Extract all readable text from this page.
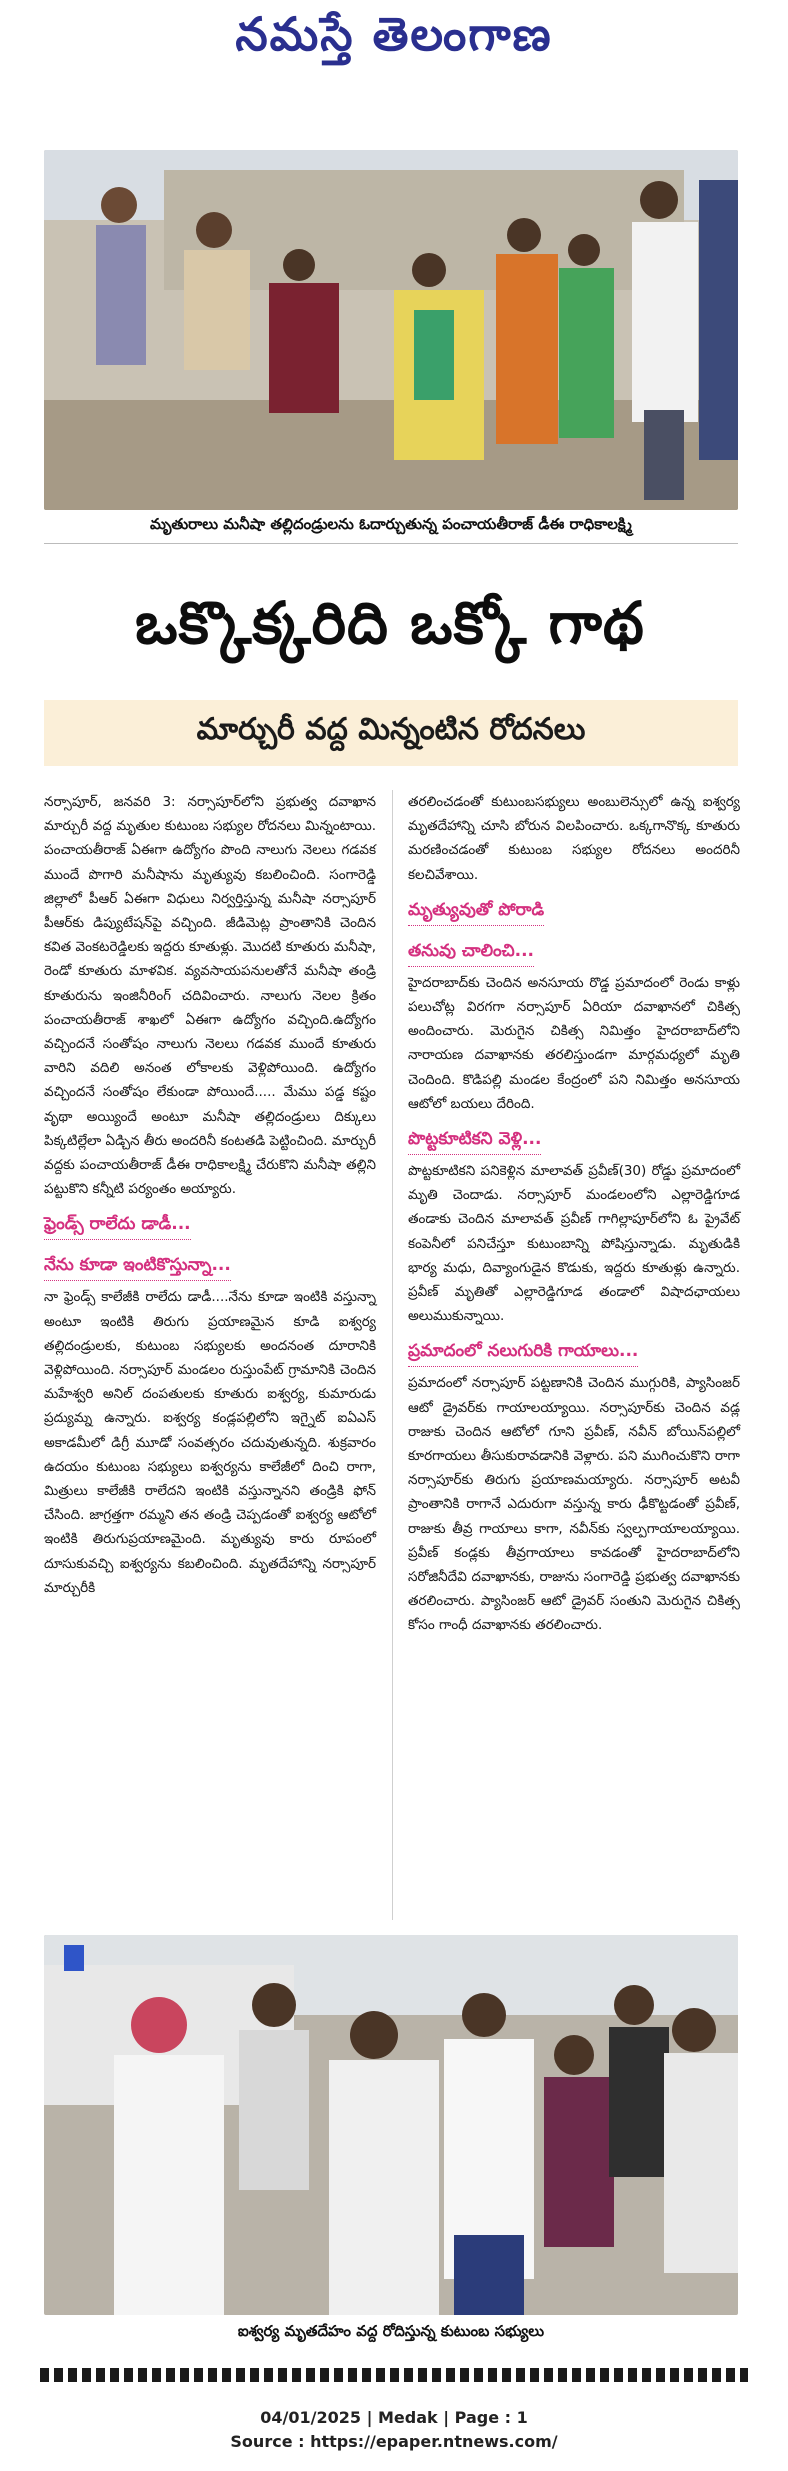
నమస్తే తెలంగాణ
మృతురాలు మనీషా తల్లిదండ్రులను ఓదార్చుతున్న పంచాయతీరాజ్ డీఈ రాధికాలక్ష్మి
ఒక్కొక్కరిది ఒక్కో గాథ
మార్చురీ వద్ద మిన్నంటిన రోదనలు

నర్సాపూర్, జనవరి 3: నర్సాపూర్‌లోని ప్రభుత్వ దవాఖాన మార్చురీ వద్ద మృతుల కుటుంబ సభ్యుల రోదనలు మిన్నంటాయి. పంచాయతీరాజ్ ఏఈగా ఉద్యోగం పొంది నాలుగు నెలలు గడవక ముందే పొగారి మనీషాను మృత్యువు కబలించింది. సంగారెడ్డి జిల్లాలో పీఆర్ ఏఈగా విధులు నిర్వర్తిస్తున్న మనీషా నర్సాపూర్ పీఆర్‌కు డిప్యుటేషన్‌పై వచ్చింది. జీడిమెట్ల ప్రాంతానికి చెందిన కవిత వెంకటరెడ్డిలకు ఇద్దరు కూతుళ్లు. మొదటి కూతురు మనీషా, రెండో కూతురు మాళవిక. వ్యవసాయపనులతోనే మనీషా తండ్రి కూతురును ఇంజినీరింగ్ చదివించారు. నాలుగు నెలల క్రితం పంచాయతీరాజ్ శాఖలో ఏఈగా ఉద్యోగం వచ్చింది.ఉద్యోగం వచ్చిందనే సంతోషం నాలుగు నెలలు గడవక ముందే కూతురు వారిని వదిలి అనంత లోకాలకు వెళ్లిపోయింది. ఉద్యోగం వచ్చిందనే సంతోషం లేకుండా పోయిందే..... మేము పడ్డ కష్టం వృథా అయ్యిందే అంటూ మనీషా తల్లిదండ్రులు దిక్కులు పిక్కటిల్లేలా ఏడ్చిన తీరు అందరినీ కంటతడి పెట్టించింది. మార్చురీ వద్దకు పంచాయతీరాజ్ డీఈ రాధికాలక్ష్మి చేరుకొని మనీషా తల్లిని పట్టుకొని కన్నీటి పర్యంతం అయ్యారు.

ఫ్రెండ్స్ రాలేదు డాడీ...
నేను కూడా ఇంటికొస్తున్నా...

నా ఫ్రెండ్స్ కాలేజీకి రాలేదు డాడీ....నేను కూడా ఇంటికి వస్తున్నా అంటూ ఇంటికి తిరుగు ప్రయాణమైన కూడి ఐశ్వర్య తల్లిదండ్రులకు, కుటుంబ సభ్యులకు అందనంత దూరానికి వెళ్లిపోయింది. నర్సాపూర్ మండలం రుస్తుంపేట్ గ్రామానికి చెందిన మహేశ్వరి అనిల్ దంపతులకు కూతురు ఐశ్వర్య, కుమారుడు ప్రద్యుమ్న ఉన్నారు. ఐశ్వర్య కండ్లపల్లిలోని ఇగ్నైట్ ఐఏఎస్ అకాడమీలో డిగ్రీ మూడో సంవత్సరం చదువుతున్నది. శుక్రవారం ఉదయం కుటుంబ సభ్యులు ఐశ్వర్యను కాలేజీలో దించి రాగా, మిత్రులు కాలేజీకి రాలేదని ఇంటికి వస్తున్నానని తండ్రికి ఫోన్ చేసింది. జాగ్రత్తగా రమ్మని తన తండ్రి చెప్పడంతో ఐశ్వర్య ఆటోలో ఇంటికి తిరుగుప్రయాణమైంది. మృత్యువు కారు రూపంలో దూసుకువచ్చి ఐశ్వర్యను కబలించింది. మృతదేహాన్ని నర్సాపూర్ మార్చురీకి

తరలించడంతో కుటుంబసభ్యులు అంబులెన్సులో ఉన్న ఐశ్వర్య మృతదేహాన్ని చూసి బోరున విలపించారు. ఒక్కగానొక్క కూతురు మరణించడంతో కుటుంబ సభ్యుల రోదనలు అందరినీ కలచివేశాయి.

మృత్యువుతో పోరాడి
తనువు చాలించి...

హైదరాబాద్‌కు చెందిన అనసూయ రొడ్డ ప్రమాదంలో రెండు కాళ్లు పలుచోట్ల విరగగా నర్సాపూర్ ఏరియా దవాఖానలో చికిత్స అందించారు. మెరుగైన చికిత్స నిమిత్తం హైదరాబాద్‌లోని నారాయణ దవాఖానకు తరలిస్తుండగా మార్గమధ్యలో మృతి చెందింది. కొడిపల్లి మండల కేంద్రంలో పని నిమిత్తం అనసూయ ఆటోలో బయలు దేరింది.

పొట్టకూటికని వెళ్లి...

పొట్టకూటికని పనికెళ్లిన మాలావత్ ప్రవీణ్(30) రోడ్డు ప్రమాదంలో మృతి చెందాడు. నర్సాపూర్ మండలంలోని ఎల్లారెడ్డిగూడ తండాకు చెందిన మాలావత్ ప్రవీణ్ గాగిల్లాపూర్‌లోని ఓ ప్రైవేట్ కంపెనీలో పనిచేస్తూ కుటుంబాన్ని పోషిస్తున్నాడు. మృతుడికి భార్య మధు, దివ్యాంగుడైన కొడుకు, ఇద్దరు కూతుళ్లు ఉన్నారు. ప్రవీణ్ మృతితో ఎల్లారెడ్డిగూడ తండాలో విషాదఛాయలు అలుముకున్నాయి.

ప్రమాదంలో నలుగురికి గాయాలు...

ప్రమాదంలో నర్సాపూర్ పట్టణానికి చెందిన ముగ్గురికి, ప్యాసింజర్ ఆటో డ్రైవర్‌కు గాయాలయ్యాయి. నర్సాపూర్‌కు చెందిన వడ్ల రాజుకు చెందిన ఆటోలో గూని ప్రవీణ్, నవీన్ బోయిన్‌పల్లిలో కూరగాయలు తీసుకురావడానికి వెళ్లారు. పని ముగించుకొని రాగా నర్సాపూర్‌కు తిరుగు ప్రయాణమయ్యారు. నర్సాపూర్ అటవీ ప్రాంతానికి రాగానే ఎదురుగా వస్తున్న కారు ఢీకొట్టడంతో ప్రవీణ్, రాజుకు తీవ్ర గాయాలు కాగా, నవీన్‌కు స్వల్పగాయాలయ్యాయి. ప్రవీణ్ కండ్లకు తీవ్రగాయాలు కావడంతో హైదరాబాద్‌లోని సరోజినీదేవి దవాఖానకు, రాజును సంగారెడ్డి ప్రభుత్వ దవాఖానకు తరలించారు. ప్యాసింజర్ ఆటో డ్రైవర్ సంతుని మెరుగైన చికిత్స కోసం గాంధీ దవాఖానకు తరలించారు.

ఐశ్వర్య మృతదేహం వద్ద రోదిస్తున్న కుటుంబ సభ్యులు
04/01/2025 | Medak | Page : 1
Source : https://epaper.ntnews.com/
